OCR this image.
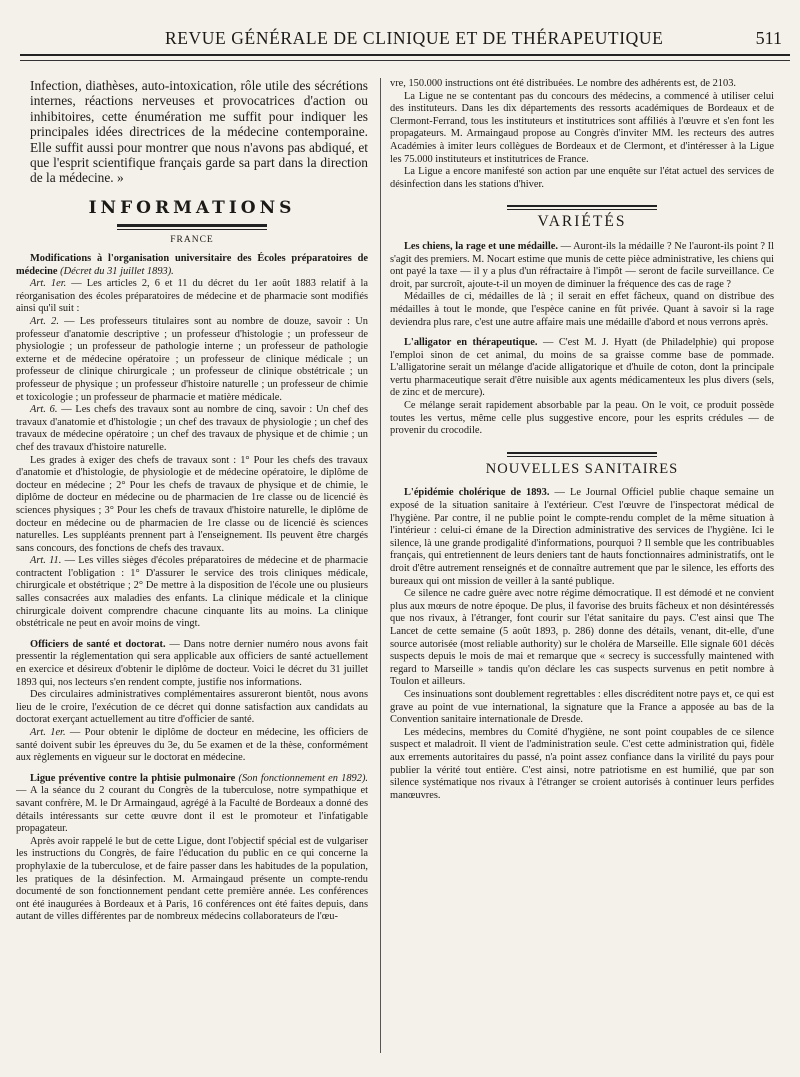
REVUE GÉNÉRALE DE CLINIQUE ET DE THÉRAPEUTIQUE	511

Infection, diathèses, auto-intoxication, rôle utile des sécrétions internes, réactions nerveuses et provocatrices d'action ou inhibitoires, cette énumération me suffit pour indiquer les principales idées directrices de la médecine contemporaine. Elle suffit aussi pour montrer que nous n'avons pas abdiqué, et que l'esprit scientifique français garde sa part dans la direction de la médecine. »

INFORMATIONS
FRANCE

Modifications à l'organisation universitaire des Écoles préparatoires de médecine (Décret du 31 juillet 1893).

Art. 1er. — Les articles 2, 6 et 11 du décret du 1er août 1883 relatif à la réorganisation des écoles préparatoires de médecine et de pharmacie sont modifiés ainsi qu'il suit :

Art. 2. — Les professeurs titulaires sont au nombre de douze, savoir : Un professeur d'anatomie descriptive ; un professeur d'histologie ; un professeur de physiologie ; un professeur de pathologie interne ; un professeur de pathologie externe et de médecine opératoire ; un professeur de clinique médicale ; un professeur de clinique chirurgicale ; un professeur de clinique obstétricale ; un professeur de physique ; un professeur d'histoire naturelle ; un professeur de chimie et toxicologie ; un professeur de pharmacie et matière médicale.

Art. 6. — Les chefs des travaux sont au nombre de cinq, savoir : Un chef des travaux d'anatomie et d'histologie ; un chef des travaux de physiologie ; un chef des travaux de médecine opératoire ; un chef des travaux de physique et de chimie ; un chef des travaux d'histoire naturelle.

Les grades à exiger des chefs de travaux sont : 1° Pour les chefs des travaux d'anatomie et d'histologie, de physiologie et de médecine opératoire, le diplôme de docteur en médecine ; 2° Pour les chefs de travaux de physique et de chimie, le diplôme de docteur en médecine ou de pharmacien de 1re classe ou de licencié ès sciences physiques ; 3° Pour les chefs de travaux d'histoire naturelle, le diplôme de docteur en médecine ou de pharmacien de 1re classe ou de licencié ès sciences naturelles. Les suppléants prennent part à l'enseignement. Ils peuvent être chargés sans concours, des fonctions de chefs des travaux.

Art. 11. — Les villes sièges d'écoles préparatoires de médecine et de pharmacie contractent l'obligation : 1° D'assurer le service des trois cliniques médicale, chirurgicale et obstétrique ; 2° De mettre à la disposition de l'école une ou plusieurs salles consacrées aux maladies des enfants. La clinique médicale et la clinique chirurgicale doivent comprendre chacune cinquante lits au moins. La clinique obstétricale ne peut en avoir moins de vingt.

Officiers de santé et doctorat. — Dans notre dernier numéro nous avons fait pressentir la réglementation qui sera applicable aux officiers de santé actuellement en exercice et désireux d'obtenir le diplôme de docteur. Voici le décret du 31 juillet 1893 qui, nos lecteurs s'en rendent compte, justifie nos informations.

Des circulaires administratives complémentaires assureront bientôt, nous avons lieu de le croire, l'exécution de ce décret qui donne satisfaction aux candidats au doctorat exerçant actuellement au titre d'officier de santé.

Art. 1er. — Pour obtenir le diplôme de docteur en médecine, les officiers de santé doivent subir les épreuves du 3e, du 5e examen et de la thèse, conformément aux règlements en vigueur sur le doctorat en médecine.

Ligue préventive contre la phtisie pulmonaire (Son fonctionnement en 1892). — A la séance du 2 courant du Congrès de la tuberculose, notre sympathique et savant confrère, M. le Dr Armaingaud, agrégé à la Faculté de Bordeaux a donné des détails intéressants sur cette œuvre dont il est le promoteur et l'infatigable propagateur.

Après avoir rappelé le but de cette Ligue, dont l'objectif spécial est de vulgariser les instructions du Congrès, de faire l'éducation du public en ce qui concerne la prophylaxie de la tuberculose, et de faire passer dans les habitudes de la population, les pratiques de la désinfection. M. Armaingaud présente un compte-rendu documenté de son fonctionnement pendant cette première année. Les conférences ont été inaugurées à Bordeaux et à Paris, 16 conférences ont été faites depuis, dans autant de villes différentes par de nombreux médecins collaborateurs de l'œu-

vre, 150.000 instructions ont été distribuées. Le nombre des adhérents est, de 2103.

La Ligue ne se contentant pas du concours des médecins, a commencé à utiliser celui des instituteurs. Dans les dix départements des ressorts académiques de Bordeaux et de Clermont-Ferrand, tous les instituteurs et institutrices sont affiliés à l'œuvre et s'en font les propagateurs. M. Armaingaud propose au Congrès d'inviter MM. les recteurs des autres Académies à imiter leurs collègues de Bordeaux et de Clermont, et d'intéresser à la Ligue les 75.000 instituteurs et institutrices de France.

La Ligue a encore manifesté son action par une enquête sur l'état actuel des services de désinfection dans les stations d'hiver.

VARIÉTÉS

Les chiens, la rage et une médaille. — Auront-ils la médaille ? Ne l'auront-ils point ? Il s'agit des premiers. M. Nocart estime que munis de cette pièce administrative, les chiens qui ont payé la taxe — il y a plus d'un réfractaire à l'impôt — seront de facile surveillance. Ce droit, par surcroît, ajoute-t-il un moyen de diminuer la fréquence des cas de rage ?

Médailles de ci, médailles de là ; il serait en effet fâcheux, quand on distribue des médailles à tout le monde, que l'espèce canine en fût privée. Quant à savoir si la rage deviendra plus rare, c'est une autre affaire mais une médaille d'abord et nous verrons après.

L'alligator en thérapeutique. — C'est M. J. Hyatt (de Philadelphie) qui propose l'emploi sinon de cet animal, du moins de sa graisse comme base de pommade. L'alligatorine serait un mélange d'acide alligatorique et d'huile de coton, dont la principale vertu pharmaceutique serait d'être nuisible aux agents médicamenteux les plus divers (sels, de zinc et de mercure).

Ce mélange serait rapidement absorbable par la peau. On le voit, ce produit possède toutes les vertus, même celle plus suggestive encore, pour les esprits crédules — de provenir du crocodile.

NOUVELLES SANITAIRES

L'épidémie cholérique de 1893. — Le Journal Officiel publie chaque semaine un exposé de la situation sanitaire à l'extérieur. C'est l'œuvre de l'inspectorat médical de l'hygiène. Par contre, il ne publie point le compte-rendu complet de la même situation à l'intérieur : celui-ci émane de la Direction administrative des services de l'hygiène. Ici le silence, là une grande prodigalité d'informations, pourquoi ? Il semble que les contribuables français, qui entretiennent de leurs deniers tant de hauts fonctionnaires administratifs, ont le droit d'être autrement renseignés et de connaître autrement que par le silence, les efforts des bureaux qui ont mission de veiller à la santé publique.

Ce silence ne cadre guère avec notre régime démocratique. Il est démodé et ne convient plus aux mœurs de notre époque. De plus, il favorise des bruits fâcheux et non désintéressés que nos rivaux, à l'étranger, font courir sur l'état sanitaire du pays. C'est ainsi que The Lancet de cette semaine (5 août 1893, p. 286) donne des détails, venant, dit-elle, d'une source autorisée (most reliable authority) sur le choléra de Marseille. Elle signale 601 décès suspects depuis le mois de mai et remarque que « secrecy is successfully maintened with regard to Marseille » tandis qu'on déclare les cas suspects survenus en petit nombre à Toulon et ailleurs.

Ces insinuations sont doublement regrettables : elles discréditent notre pays et, ce qui est grave au point de vue international, la signature que la France a apposée au bas de la Convention sanitaire internationale de Dresde.

Les médecins, membres du Comité d'hygiène, ne sont point coupables de ce silence suspect et maladroit. Il vient de l'administration seule. C'est cette administration qui, fidèle aux errements autoritaires du passé, n'a point assez confiance dans la virilité du pays pour publier la vérité tout entière. C'est ainsi, notre patriotisme en est humilié, que par son silence systématique nos rivaux à l'étranger se croient autorisés à continuer leurs perfides manœuvres.
